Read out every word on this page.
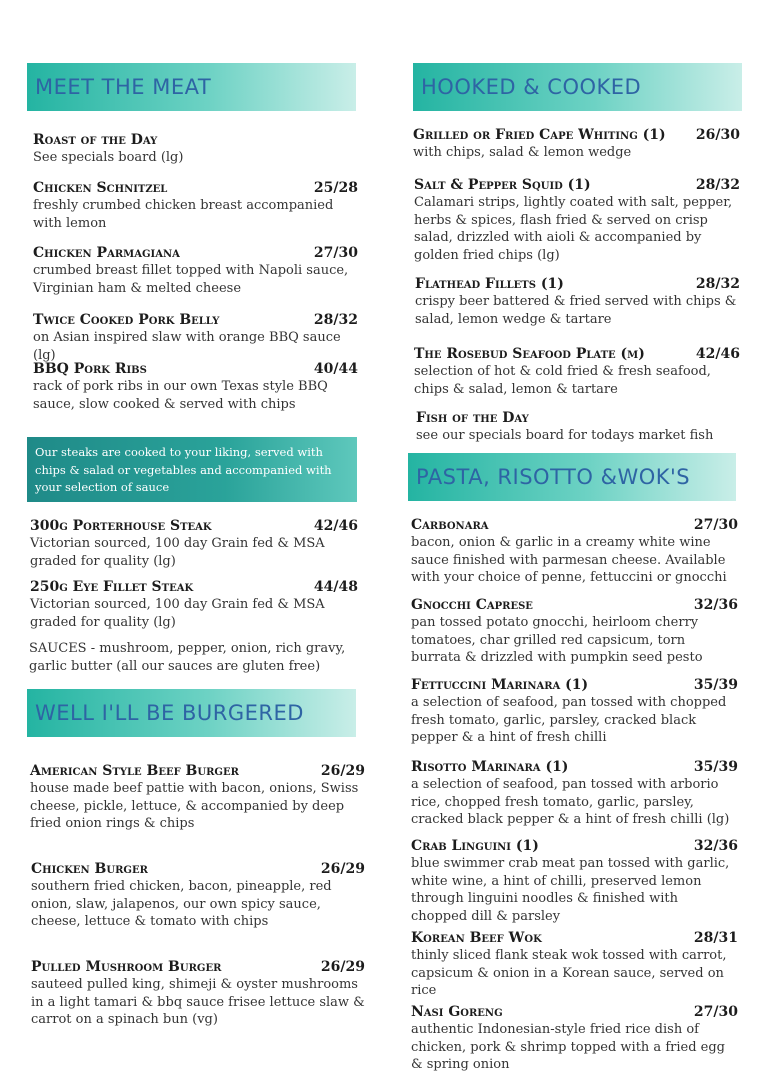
MEET THE MEAT	HOOKED & COOKED
PASTA, RISOTTO &WOK'S
WELL I'LL BE BURGERED
Our steaks are cooked to your liking, served with chips & salad or vegetables and accompanied with your selection of sauce
Roast of the Day
See specials board (lg)
Chicken Schnitzel	25/28
freshly crumbed chicken breast accompanied with lemon
Chicken Parmagiana	27/30
crumbed breast fillet topped with Napoli sauce, Virginian ham & melted cheese
Twice Cooked Pork Belly	28/32
on Asian inspired slaw with orange BBQ sauce (lg)
BBQ Pork Ribs	40/44
rack of pork ribs in our own Texas style BBQ sauce, slow cooked & served with chips
300g Porterhouse Steak	42/46
Victorian sourced, 100 day Grain fed & MSA graded for quality (lg)
250g Eye Fillet Steak	44/48
Victorian sourced, 100 day Grain fed & MSA graded for quality (lg)
SAUCES - mushroom, pepper, onion, rich gravy, garlic butter (all our sauces are gluten free)
American Style Beef Burger	26/29
house made beef pattie with bacon, onions, Swiss cheese, pickle, lettuce, & accompanied by deep fried onion rings & chips
Chicken Burger	26/29
southern fried chicken, bacon, pineapple, red onion, slaw, jalapenos, our own spicy sauce, cheese, lettuce & tomato with chips
Pulled Mushroom Burger	26/29
sauteed pulled king, shimeji & oyster mushrooms in a light tamari & bbq sauce frisee lettuce slaw & carrot on a spinach bun (vg)
Grilled or Fried Cape Whiting (1) 26/30
with chips, salad & lemon wedge
Salt & Pepper Squid (1)	28/32
Calamari strips, lightly coated with salt, pepper, herbs & spices, flash fried & served on crisp salad, drizzled with aioli & accompanied by golden fried chips (lg)
Flathead Fillets (1)	28/32
crispy beer battered & fried served with chips & salad, lemon wedge & tartare
The Rosebud Seafood Plate (m)	42/46
selection of hot & cold fried & fresh seafood, chips & salad, lemon & tartare
Fish of the Day
see our specials board for todays market fish
Carbonara	27/30
bacon, onion & garlic in a creamy white wine sauce finished with parmesan cheese. Available with your choice of penne, fettuccini or gnocchi
Gnocchi Caprese	32/36
pan tossed potato gnocchi, heirloom cherry tomatoes, char grilled red capsicum, torn burrata & drizzled with pumpkin seed pesto
Fettuccini Marinara (1)	35/39
a selection of seafood, pan tossed with chopped fresh tomato, garlic, parsley, cracked black pepper & a hint of fresh chilli
Risotto Marinara (1)	35/39
a selection of seafood, pan tossed with arborio rice, chopped fresh tomato, garlic, parsley, cracked black pepper & a hint of fresh chilli (lg)
Crab Linguini (1)	32/36
blue swimmer crab meat pan tossed with garlic, white wine, a hint of chilli, preserved lemon through linguini noodles & finished with chopped dill & parsley
Korean Beef Wok	28/31
thinly sliced flank steak wok tossed with carrot, capsicum & onion in a Korean sauce, served on rice
Nasi Goreng	27/30
authentic Indonesian-style fried rice dish of chicken, pork & shrimp topped with a fried egg & spring onion
